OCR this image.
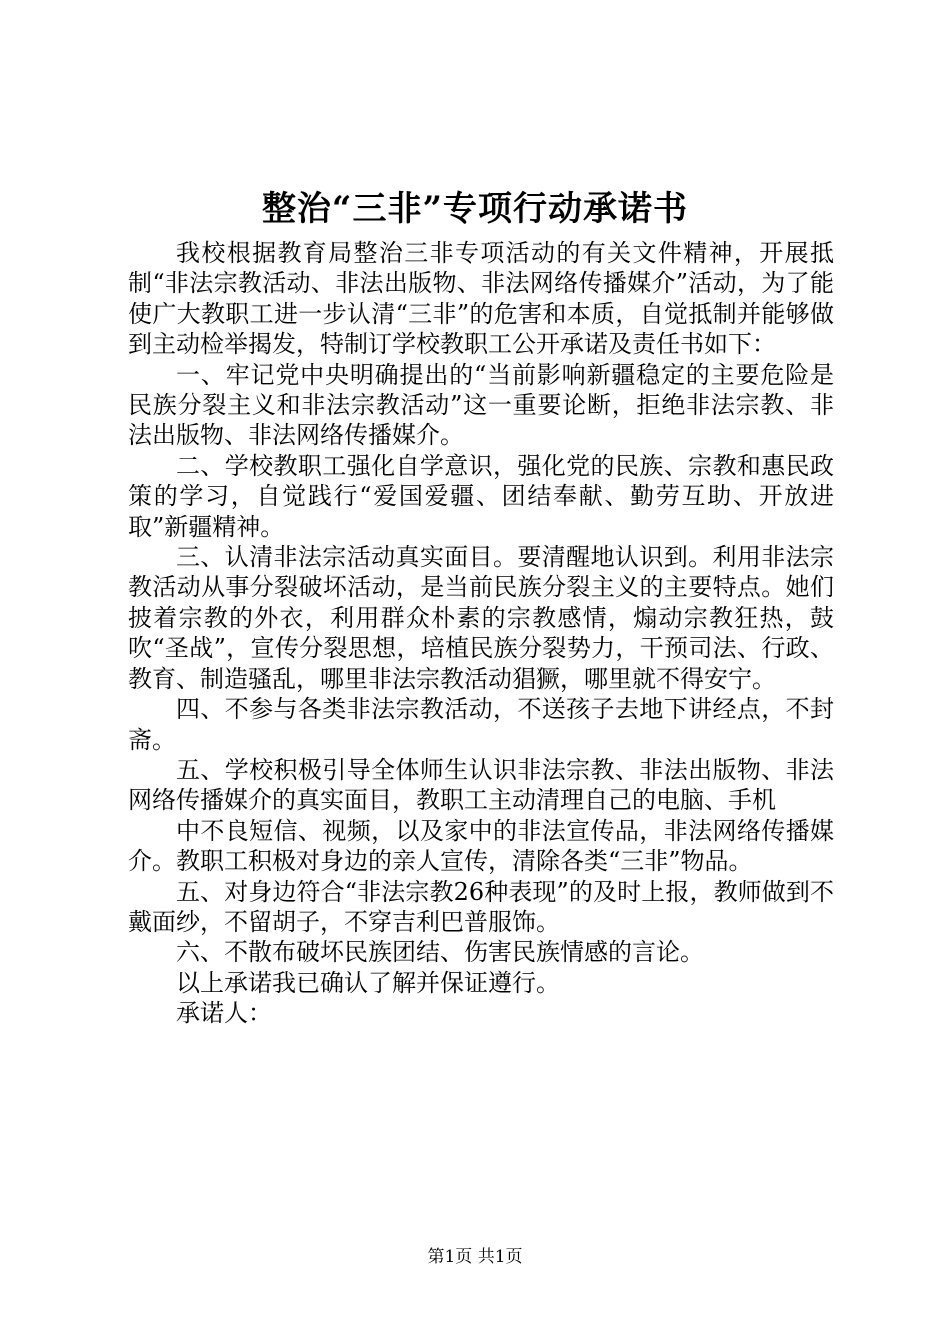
整治“三非”专项行动承诺书

我校根据教育局整治三非专项活动的有关文件精神，开展抵制“非法宗教活动、非法出版物、非法网络传播媒介”活动，为了能使广大教职工进一步认清“三非”的危害和本质，自觉抵制并能够做到主动检举揭发，特制订学校教职工公开承诺及责任书如下：

一、牢记党中央明确提出的“当前影响新疆稳定的主要危险是民族分裂主义和非法宗教活动”这一重要论断，拒绝非法宗教、非法出版物、非法网络传播媒介。

二、学校教职工强化自学意识，强化党的民族、宗教和惠民政策的学习，自觉践行“爱国爱疆、团结奉献、勤劳互助、开放进取”新疆精神。

三、认清非法宗活动真实面目。要清醒地认识到。利用非法宗教活动从事分裂破坏活动，是当前民族分裂主义的主要特点。她们披着宗教的外衣，利用群众朴素的宗教感情，煽动宗教狂热，鼓吹“圣战”，宣传分裂思想，培植民族分裂势力，干预司法、行政、教育、制造骚乱，哪里非法宗教活动猖獗，哪里就不得安宁。

四、不参与各类非法宗教活动，不送孩子去地下讲经点，不封斋。

五、学校积极引导全体师生认识非法宗教、非法出版物、非法网络传播媒介的真实面目，教职工主动清理自己的电脑、手机

中不良短信、视频，以及家中的非法宣传品，非法网络传播媒介。教职工积极对身边的亲人宣传，清除各类“三非”物品。

五、对身边符合“非法宗教26种表现”的及时上报，教师做到不戴面纱，不留胡子，不穿吉利巴普服饰。

六、不散布破坏民族团结、伤害民族情感的言论。

以上承诺我已确认了解并保证遵行。

承诺人：

第1页 共1页
